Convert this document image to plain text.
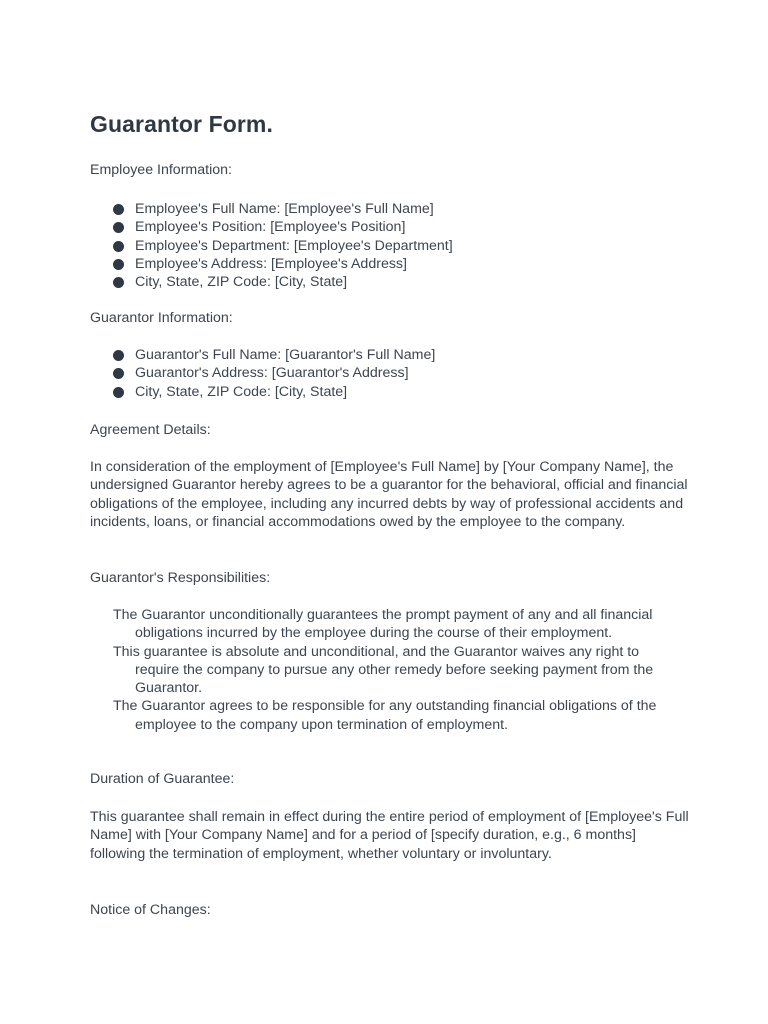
Guarantor Form.

Employee Information:

Employee's Full Name: [Employee's Full Name]
Employee's Position: [Employee's Position]
Employee's Department: [Employee's Department]
Employee's Address: [Employee's Address]
City, State, ZIP Code: [City, State]

Guarantor Information:

Guarantor's Full Name: [Guarantor's Full Name]
Guarantor's Address: [Guarantor's Address]
City, State, ZIP Code: [City, State]

Agreement Details:

In consideration of the employment of [Employee's Full Name] by [Your Company Name], the undersigned Guarantor hereby agrees to be a guarantor for the behavioral, official and financial obligations of the employee, including any incurred debts by way of professional accidents and incidents, loans, or financial accommodations owed by the employee to the company.

Guarantor's Responsibilities:

The Guarantor unconditionally guarantees the prompt payment of any and all financial obligations incurred by the employee during the course of their employment.
This guarantee is absolute and unconditional, and the Guarantor waives any right to require the company to pursue any other remedy before seeking payment from the Guarantor.
The Guarantor agrees to be responsible for any outstanding financial obligations of the employee to the company upon termination of employment.

Duration of Guarantee:

This guarantee shall remain in effect during the entire period of employment of [Employee's Full Name] with [Your Company Name] and for a period of [specify duration, e.g., 6 months] following the termination of employment, whether voluntary or involuntary.

Notice of Changes:
